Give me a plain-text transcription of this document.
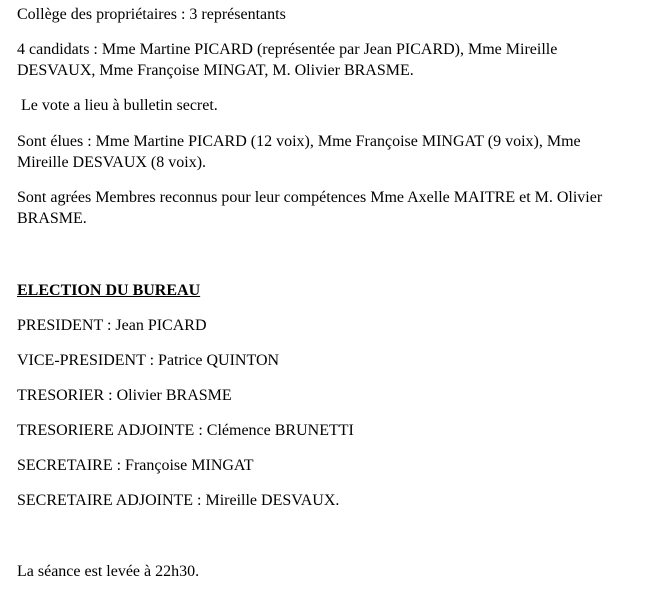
Collège des propriétaires : 3 représentants
4 candidats : Mme Martine PICARD (représentée par Jean PICARD), Mme Mireille
DESVAUX, Mme Françoise MINGAT, M. Olivier BRASME.
Le vote a lieu à bulletin secret.
Sont élues : Mme Martine PICARD (12 voix), Mme Françoise MINGAT (9 voix), Mme
Mireille DESVAUX (8 voix).
Sont agrées Membres reconnus pour leur compétences Mme Axelle MAITRE et M. Olivier
BRASME.
ELECTION DU BUREAU
PRESIDENT : Jean PICARD
VICE-PRESIDENT : Patrice QUINTON
TRESORIER : Olivier BRASME
TRESORIERE ADJOINTE : Clémence BRUNETTI
SECRETAIRE : Françoise MINGAT
SECRETAIRE ADJOINTE : Mireille DESVAUX.
La séance est levée à 22h30.
